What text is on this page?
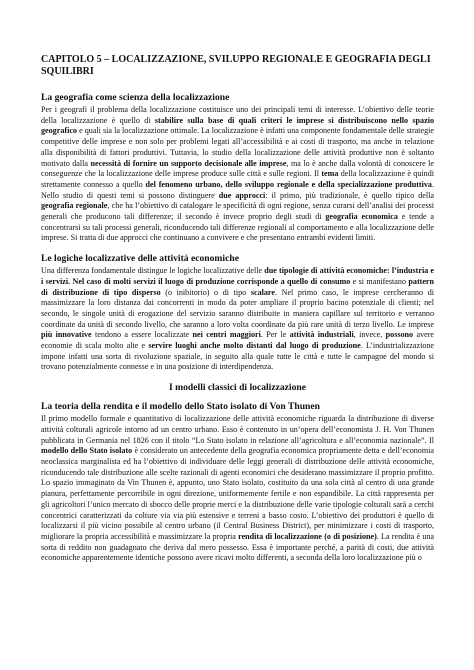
CAPITOLO 5 – LOCALIZZAZIONE, SVILUPPO REGIONALE E GEOGRAFIA DEGLI SQUILIBRI
La geografia come scienza della localizzazione

Per i geografi il problema della localizzazione costituisce uno dei principali temi di interesse. L’obiettivo delle teorie della localizzazione è quello di stabilire sulla base di quali criteri le imprese si distribuiscono nello spazio geografico e quali sia la localizzazione ottimale. La localizzazione è infatti una componente fondamentale delle strategie competitive delle imprese e non solo per problemi legati all’accessibilità e ai costi di trasporto, ma anche in relazione alla disponibilità di fattori produttivi. Tuttavia, lo studio della localizzazione delle attività produttive non è soltanto motivato dalla necessità di fornire un supporto decisionale alle imprese, ma lo è anche dalla volontà di conoscere le conseguenze che la localizzazione delle imprese produce sulle città e sulle regioni. Il tema della localizzazione è quindi strettamente connesso a quello del fenomeno urbano, dello sviluppo regionale e della specializzazione produttiva. Nello studio di questi temi si possono distinguere due approcci: il primo, più tradizionale, è quello tipico della geografia regionale, che ha l’obiettivo di catalogare le specificità di ogni regione, senza curarsi dell’analisi dei processi generali che producono tali differenze; il secondo è invece proprio degli studi di geografia economica e tende a concentrarsi su tali processi generali, riconducendo tali differenze regionali al comportamento e alla localizzazione delle imprese. Si tratta di due approcci che continuano a convivere e che presentano entrambi evidenti limiti.

Le logiche localizzative delle attività economiche

Una differenza fondamentale distingue le logiche localizzative delle due tipologie di attività economiche: l’industria e i servizi. Nel caso di molti servizi il luogo di produzione corrisponde a quello di consumo e si manifestano pattern di distribuzione di tipo disperso (o inibitorio) o di tipo scalare. Nel primo caso, le imprese cercheranno di massimizzare la loro distanza dai concorrenti in modo da poter ampliare il proprio bacino potenziale di clienti; nel secondo, le singole unità di erogazione del servizio saranno distribuite in maniera capillare sul territorio e verranno coordinate da unità di secondo livello, che saranno a loro volta coordinate da più rare unità di terzo livello. Le imprese più innovative tendono a essere localizzate nei centri maggiori. Per le attività industriali, invece, possono avere economie di scala molto alte e servire luoghi anche molto distanti dal luogo di produzione. L’industrializzazione impone infatti una sorta di rivoluzione spaziale, in seguito alla quale tutte le città e tutte le campagne del mondo si trovano potenzialmente connesse e in una posizione di interdipendenza.

I modelli classici di localizzazione
La teoria della rendita e il modello dello Stato isolato di Von Thunen

Il primo modello formale e quantitativo di localizzazione delle attività economiche riguarda la distribuzione di diverse attività colturali agricole intorno ad un centro urbano. Esso è contenuto in un’opera dell’economista J. H. Von Thunen pubblicata in Germania nel 1826 con il titolo “Lo Stato isolato in relazione all’agricoltura e all’economia nazionale”. Il modello dello Stato isolato è considerato un antecedente della geografia economica propriamente detta e dell’economia neoclassica marginalista ed ha l’obiettivo di individuare delle leggi generali di distribuzione delle attività economiche, riconducendo tale distribuzione alle scelte razionali di agenti economici che desiderano massimizzare il proprio profitto. Lo spazio immaginato da Vin Thunen è, appunto, uno Stato isolato, costituito da una sola città al centro di una grande pianura, perfettamente percorribile in ogni direzione, uniformemente fertile e non espandibile. La città rappresenta per gli agricoltori l’unico mercato di sbocco delle proprie merci e la distribuzione delle varie tipologie colturali sarà a cerchi concentrici caratterizzati da colture via via più estensive e terreni a basso costo. L’obiettivo dei produttori è quello di localizzarsi il più vicino possibile al centro urbano (il Central Business District), per minimizzare i costi di trasporto, migliorare la propria accessibilità e massimizzare la propria rendita di localizzazione (o di posizione). La rendita è una sorta di reddito non guadagnato che deriva dal mero possesso. Essa è importante perché, a parità di costi, due attività economiche apparentemente identiche possono avere ricavi molto differenti, a seconda della loro localizzazione più o
